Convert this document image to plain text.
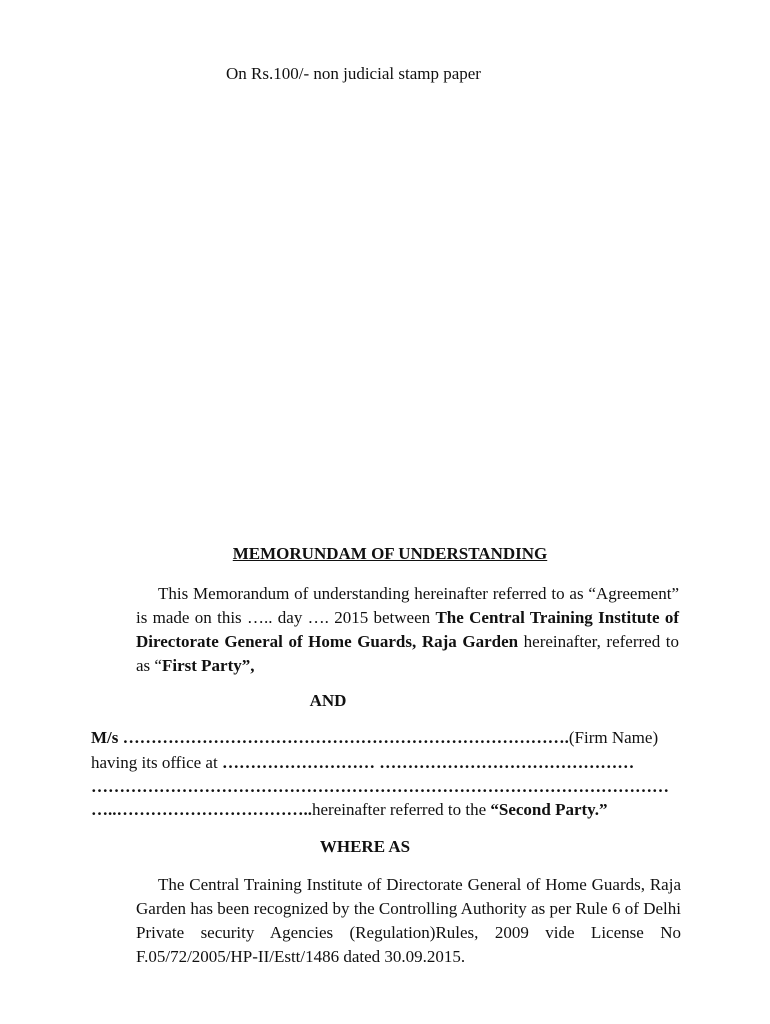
On Rs.100/- non judicial stamp paper
MEMORUNDAM OF UNDERSTANDING
This Memorandum of understanding hereinafter referred to as “Agreement” is made on this ….. day …. 2015 between The Central Training Institute of Directorate General of Home Guards, Raja Garden hereinafter, referred to as “First Party”,
AND
M/s …………………………………………………………………….(Firm Name)
having its office at ……………………… ………………………………………
…………………………………………………………………………………………
…..……………………………..hereinafter referred to the “Second Party.”
WHERE AS
The Central Training Institute of Directorate General of Home Guards, Raja Garden has been recognized by the Controlling Authority as per Rule 6 of Delhi Private security Agencies (Regulation)Rules, 2009 vide License No F.05/72/2005/HP-II/Estt/1486 dated 30.09.2015.
